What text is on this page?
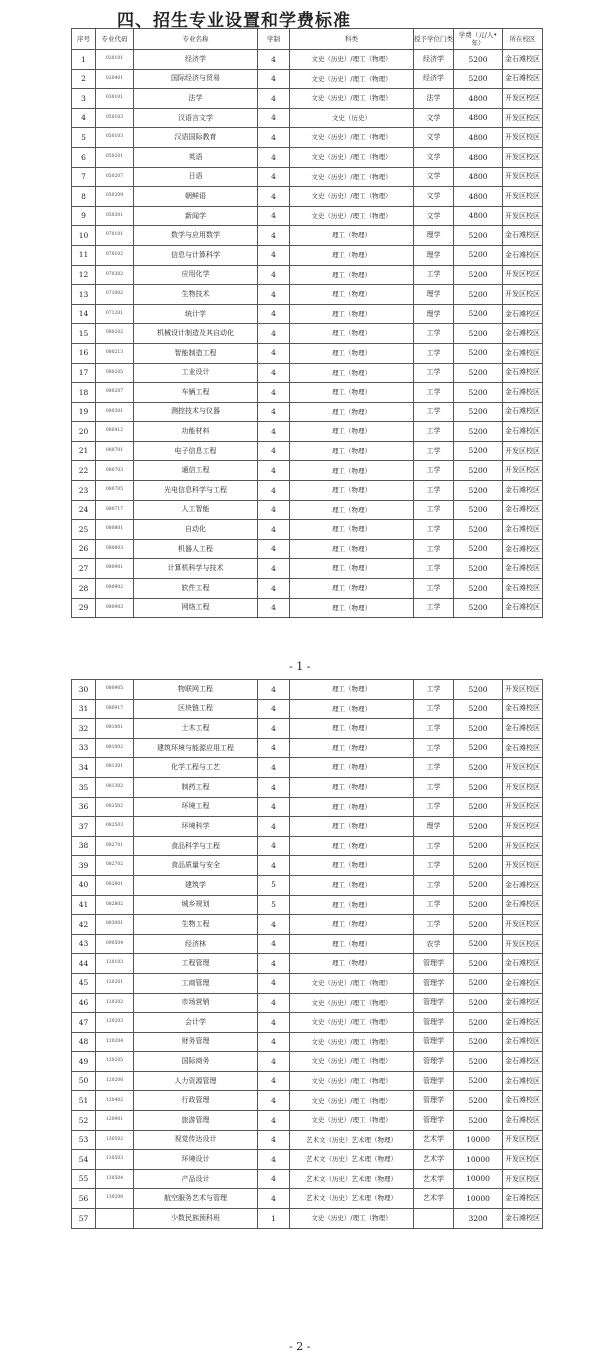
四、招生专业设置和学费标准
序号	专业代码	专业名称	学制	科类	授予学位门类	学费（元/人•年）	所在校区
1	020101	经济学	4	文史（历史）/理工（物理）	经济学	5200	金石滩校区
2	020401	国际经济与贸易	4	文史（历史）/理工（物理）	经济学	5200	金石滩校区
3	030101	法学	4	文史（历史）/理工（物理）	法学	4800	开发区校区
4	050103	汉语言文学	4	文史（历史）	文学	4800	开发区校区
5	050103	汉语国际教育	4	文史（历史）/理工（物理）	文学	4800	开发区校区
6	050201	英语	4	文史（历史）/理工（物理）	文学	4800	开发区校区
7	050207	日语	4	文史（历史）/理工（物理）	文学	4800	开发区校区
8	050209	朝鲜语	4	文史（历史）/理工（物理）	文学	4800	开发区校区
9	050301	新闻学	4	文史（历史）/理工（物理）	文学	4800	开发区校区
10	070101	数学与应用数学	4	理工（物理）	理学	5200	金石滩校区
11	070102	信息与计算科学	4	理工（物理）	理学	5200	金石滩校区
12	070302	应用化学	4	理工（物理）	工学	5200	开发区校区
13	071002	生物技术	4	理工（物理）	理学	5200	开发区校区
14	071201	统计学	4	理工（物理）	理学	5200	金石滩校区
15	080202	机械设计制造及其自动化	4	理工（物理）	工学	5200	金石滩校区
16	080213	智能制造工程	4	理工（物理）	工学	5200	金石滩校区
17	080205	工业设计	4	理工（物理）	工学	5200	金石滩校区
18	080207	车辆工程	4	理工（物理）	工学	5200	金石滩校区
19	080301	测控技术与仪器	4	理工（物理）	工学	5200	金石滩校区
20	080412	功能材料	4	理工（物理）	工学	5200	金石滩校区
21	080701	电子信息工程	4	理工（物理）	工学	5200	开发区校区
22	080703	通信工程	4	理工（物理）	工学	5200	开发区校区
23	080705	光电信息科学与工程	4	理工（物理）	工学	5200	金石滩校区
24	080717	人工智能	4	理工（物理）	工学	5200	金石滩校区
25	080801	自动化	4	理工（物理）	工学	5200	金石滩校区
26	080803	机器人工程	4	理工（物理）	工学	5200	金石滩校区
27	080901	计算机科学与技术	4	理工（物理）	工学	5200	金石滩校区
28	080902	软件工程	4	理工（物理）	工学	5200	金石滩校区
29	080903	网络工程	4	理工（物理）	工学	5200	金石滩校区
- 1 -
30	080905	物联网工程	4	理工（物理）	工学	5200	开发区校区
31	080917	区块链工程	4	理工（物理）	工学	5200	金石滩校区
32	081001	土木工程	4	理工（物理）	工学	5200	金石滩校区
33	081002	建筑环境与能源应用工程	4	理工（物理）	工学	5200	金石滩校区
34	081301	化学工程与工艺	4	理工（物理）	工学	5200	开发区校区
35	081302	制药工程	4	理工（物理）	工学	5200	开发区校区
36	082502	环境工程	4	理工（物理）	工学	5200	开发区校区
37	082503	环境科学	4	理工（物理）	理学	5200	开发区校区
38	082701	食品科学与工程	4	理工（物理）	工学	5200	开发区校区
39	082702	食品质量与安全	4	理工（物理）	工学	5200	开发区校区
40	082801	建筑学	5	理工（物理）	工学	5200	金石滩校区
41	082802	城乡规划	5	理工（物理）	工学	5200	金石滩校区
42	083001	生物工程	4	理工（物理）	工学	5200	开发区校区
43	090504	经济林	4	理工（物理）	农学	5200	开发区校区
44	120103	工程管理	4	理工（物理）	管理学	5200	金石滩校区
45	120201	工商管理	4	文史（历史）/理工（物理）	管理学	5200	金石滩校区
46	120202	市场营销	4	文史（历史）/理工（物理）	管理学	5200	金石滩校区
47	120203	会计学	4	文史（历史）/理工（物理）	管理学	5200	金石滩校区
48	120204	财务管理	4	文史（历史）/理工（物理）	管理学	5200	金石滩校区
49	120205	国际商务	4	文史（历史）/理工（物理）	管理学	5200	金石滩校区
50	120206	人力资源管理	4	文史（历史）/理工（物理）	管理学	5200	金石滩校区
51	120402	行政管理	4	文史（历史）/理工（物理）	管理学	5200	金石滩校区
52	120901	旅游管理	4	文史（历史）/理工（物理）	管理学	5200	金石滩校区
53	130502	视觉传达设计	4	艺术文（历史）艺术理（物理）	艺术学	10000	开发区校区
54	130503	环境设计	4	艺术文（历史）艺术理（物理）	艺术学	10000	开发区校区
55	130504	产品设计	4	艺术文（历史）艺术理（物理）	艺术学	10000	开发区校区
56	130208	航空服务艺术与管理	4	艺术文（历史）艺术理（物理）	艺术学	10000	金石滩校区
57		少数民族预科班	1	文史（历史）/理工（物理）		3200	金石滩校区
- 2 -
